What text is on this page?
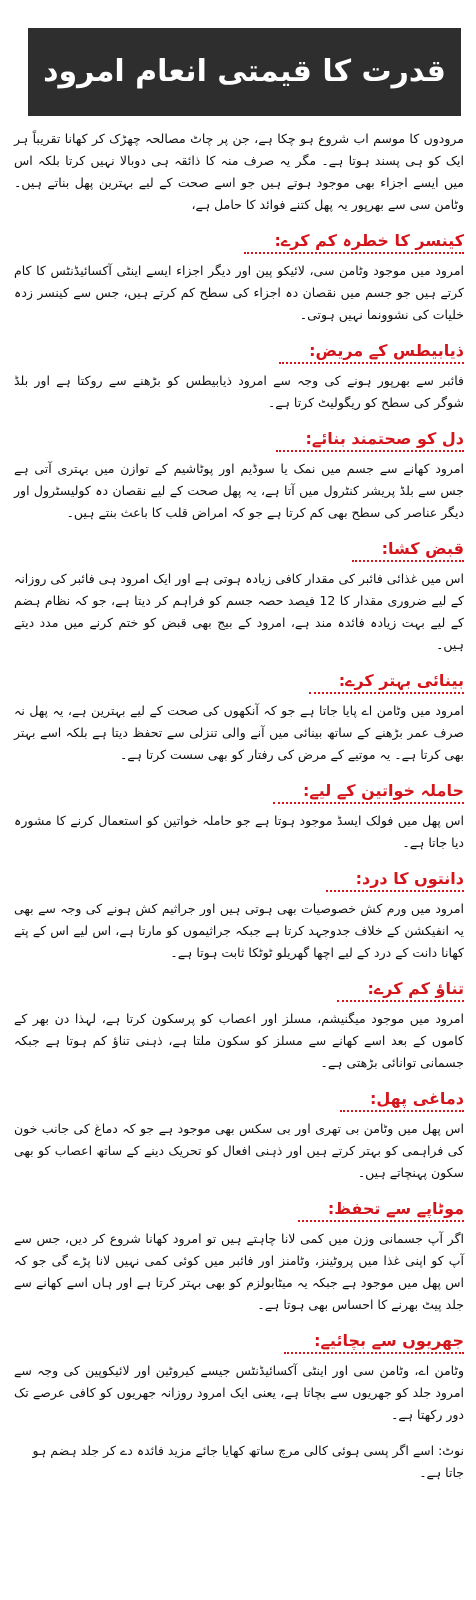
قدرت کا قیمتی انعام امرود

مرودوں کا موسم اب شروع ہو چکا ہے، جن پر چاٹ مصالحہ چھڑک کر کھانا تقریباً ہر ایک کو ہی پسند ہوتا ہے۔ مگر یہ صرف منہ کا ذائقہ ہی دوبالا نہیں کرتا بلکہ اس میں ایسے اجزاء بھی موجود ہوتے ہیں جو اسے صحت کے لیے بہترین پھل بناتے ہیں۔ وٹامن سی سے بھرپور یہ پھل کتنے فوائد کا حامل ہے،

کینسر کا خطرہ کم کرے:

امرود میں موجود وٹامن سی، لائیکو پین اور دیگر اجزاء ایسے اینٹی آکسائیڈنٹس کا کام کرتے ہیں جو جسم میں نقصان دہ اجزاء کی سطح کم کرتے ہیں، جس سے کینسر زدہ خلیات کی نشوونما نہیں ہوتی۔

ذیابیطس کے مریض:

فائبر سے بھرپور ہونے کی وجہ سے امرود ذیابیطس کو بڑھنے سے روکتا ہے اور بلڈ شوگر کی سطح کو ریگولیٹ کرتا ہے۔

دل کو صحتمند بنائے:

امرود کھانے سے جسم میں نمک یا سوڈیم اور پوٹاشیم کے توازن میں بہتری آتی ہے جس سے بلڈ پریشر کنٹرول میں آتا ہے، یہ پھل صحت کے لیے نقصان دہ کولیسٹرول اور دیگر عناصر کی سطح بھی کم کرتا ہے جو کہ امراض قلب کا باعث بنتے ہیں۔

قبض کشا:

اس میں غذائی فائبر کی مقدار کافی زیادہ ہوتی ہے اور ایک امرود ہی فائبر کی روزانہ کے لیے ضروری مقدار کا 12 فیصد حصہ جسم کو فراہم کر دیتا ہے، جو کہ نظام ہضم کے لیے بہت زیادہ فائدہ مند ہے، امرود کے بیج بھی قبض کو ختم کرنے میں مدد دیتے ہیں۔

بینائی بہتر کرے:

امرود میں وٹامن اے پایا جاتا ہے جو کہ آنکھوں کی صحت کے لیے بہترین ہے، یہ پھل نہ صرف عمر بڑھنے کے ساتھ بینائی میں آنے والی تنزلی سے تحفظ دیتا ہے بلکہ اسے بہتر بھی کرتا ہے۔ یہ موتیے کے مرض کی رفتار کو بھی سست کرتا ہے۔

حاملہ خواتین کے لیے:

اس پھل میں فولک ایسڈ موجود ہوتا ہے جو حاملہ خواتین کو استعمال کرنے کا مشورہ دیا جاتا ہے۔

دانتوں کا درد:

امرود میں ورم کش خصوصیات بھی ہوتی ہیں اور جراثیم کش ہونے کی وجہ سے بھی یہ انفیکشن کے خلاف جدوجہد کرتا ہے جبکہ جراثیموں کو مارتا ہے، اس لیے اس کے پتے کھانا دانت کے درد کے لیے اچھا گھریلو ٹوٹکا ثابت ہوتا ہے۔

تناؤ کم کرے:

امرود میں موجود میگنیشم، مسلز اور اعصاب کو پرسکون کرتا ہے، لہذا دن بھر کے کاموں کے بعد اسے کھانے سے مسلز کو سکون ملتا ہے، ذہنی تناؤ کم ہوتا ہے جبکہ جسمانی توانائی بڑھتی ہے۔

دماغی پھل:

اس پھل میں وٹامن بی تھری اور بی سکس بھی موجود ہے جو کہ دماغ کی جانب خون کی فراہمی کو بہتر کرتے ہیں اور ذہنی افعال کو تحریک دینے کے ساتھ اعصاب کو بھی سکون پہنچاتے ہیں۔

موٹاپے سے تحفظ:

اگر آپ جسمانی وزن میں کمی لانا چاہتے ہیں تو امرود کھانا شروع کر دیں، جس سے آپ کو اپنی غذا میں پروٹینز، وٹامنز اور فائبر میں کوئی کمی نہیں لانا پڑے گی جو کہ اس پھل میں موجود ہے جبکہ یہ میٹابولزم کو بھی بہتر کرتا ہے اور ہاں اسے کھانے سے جلد پیٹ بھرنے کا احساس بھی ہوتا ہے۔

جھریوں سے بچائیے:

وٹامن اے، وٹامن سی اور اینٹی آکسائیڈنٹس جیسے کیروٹین اور لائیکوپین کی وجہ سے امرود جلد کو جھریوں سے بچاتا ہے، یعنی ایک امرود روزانہ جھریوں کو کافی عرصے تک دور رکھتا ہے۔

نوٹ: اسے اگر پسی ہوئی کالی مرچ ساتھ کھایا جائے مزید فائدہ دے کر جلد ہضم ہو جاتا ہے۔
